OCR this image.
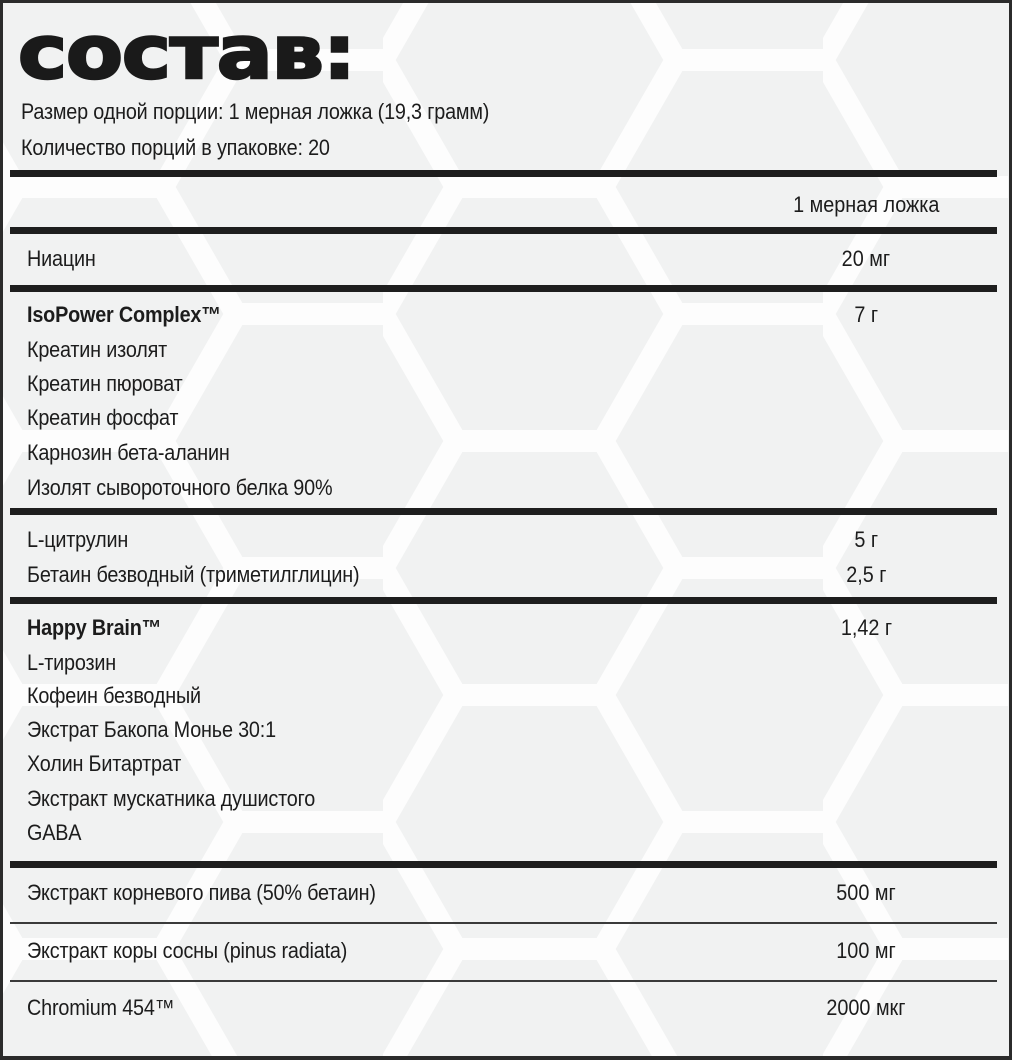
состав:
Размер одной порции: 1 мерная ложка (19,3 грамм)
Количество порций в упаковке: 20
1 мерная ложка
Ниацин	20 мг
IsoPower Complex™	7 г
Креатин изолят
Креатин пюроват
Креатин фосфат
Карнозин бета-аланин
Изолят сывороточного белка 90%
L-цитрулин	5 г
Бетаин безводный (триметилглицин)	2,5 г
Happy Brain™	1,42 г
L-тирозин
Кофеин безводный
Экстрат Бакопа Монье 30:1
Холин Битартрат
Экстракт мускатника душистого
GABA
Экстракт корневого пива (50% бетаин)	500 мг
Экстракт коры сосны (pinus radiata)	100 мг
Chromium 454™	2000 мкг
